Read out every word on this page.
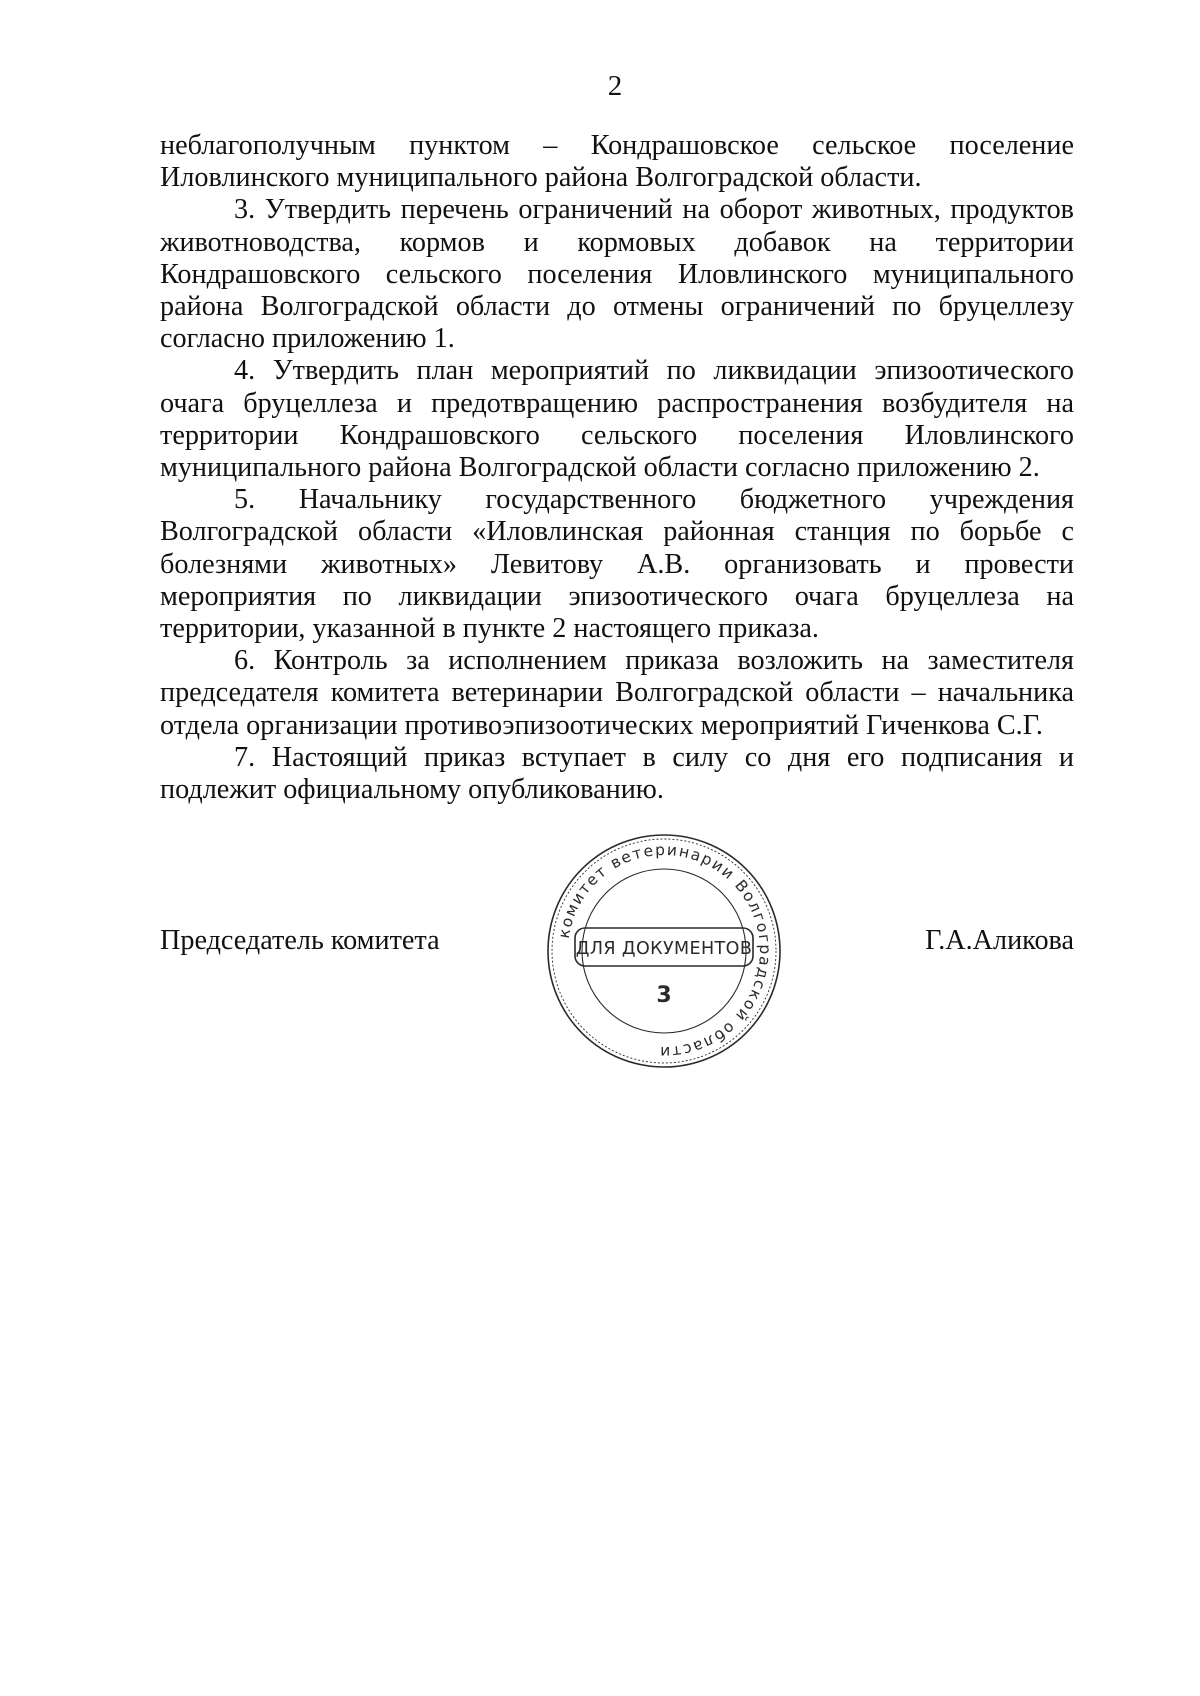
2

неблагополучным пунктом – Кондрашовское сельское поселение Иловлинского муниципального района Волгоградской области.

3. Утвердить перечень ограничений на оборот животных, продуктов животноводства, кормов и кормовых добавок на территории Кондрашовского сельского поселения Иловлинского муниципального района Волгоградской области до отмены ограничений по бруцеллезу согласно приложению 1.

4. Утвердить план мероприятий по ликвидации эпизоотического очага бруцеллеза и предотвращению распространения возбудителя на территории Кондрашовского сельского поселения Иловлинского муниципального района Волгоградской области согласно приложению 2.

5. Начальнику государственного бюджетного учреждения Волгоградской области «Иловлинская районная станция по борьбе с болезнями животных» Левитову А.В. организовать и провести мероприятия по ликвидации эпизоотического очага бруцеллеза на территории, указанной в пункте 2 настоящего приказа.

6. Контроль за исполнением приказа возложить на заместителя председателя комитета ветеринарии Волгоградской области – начальника отдела организации противоэпизоотических мероприятий Гиченкова С.Г.

7. Настоящий приказ вступает в силу со дня его подписания и подлежит официальному опубликованию.

Председатель комитета	Г.А.Аликова
комитет ветеринарии Волгоградской области
ДЛЯ ДОКУМЕНТОВ
3
